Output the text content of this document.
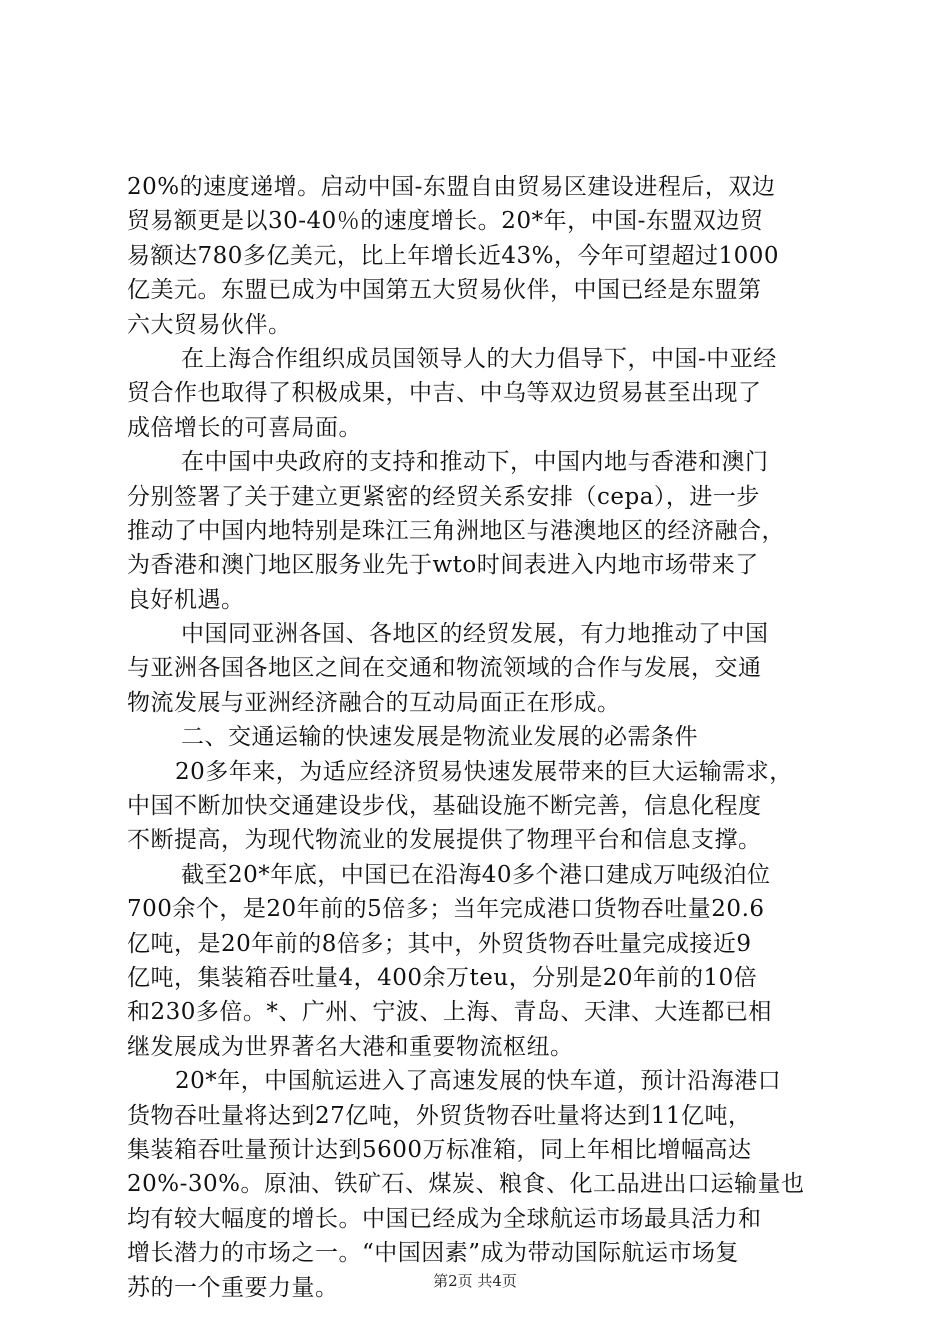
20%的速度递增。启动中国-东盟自由贸易区建设进程后，双边
贸易额更是以30-40％的速度增长。20*年，中国-东盟双边贸
易额达780多亿美元，比上年增长近43%，今年可望超过1000
亿美元。东盟已成为中国第五大贸易伙伴，中国已经是东盟第
六大贸易伙伴。
在上海合作组织成员国领导人的大力倡导下，中国-中亚经
贸合作也取得了积极成果，中吉、中乌等双边贸易甚至出现了
成倍增长的可喜局面。
在中国中央政府的支持和推动下，中国内地与香港和澳门
分别签署了关于建立更紧密的经贸关系安排（cepa），进一步
推动了中国内地特别是珠江三角洲地区与港澳地区的经济融合，
为香港和澳门地区服务业先于wto时间表进入内地市场带来了
良好机遇。
中国同亚洲各国、各地区的经贸发展，有力地推动了中国
与亚洲各国各地区之间在交通和物流领域的合作与发展，交通
物流发展与亚洲经济融合的互动局面正在形成。
二、交通运输的快速发展是物流业发展的必需条件
20多年来，为适应经济贸易快速发展带来的巨大运输需求，
中国不断加快交通建设步伐，基础设施不断完善，信息化程度
不断提高，为现代物流业的发展提供了物理平台和信息支撑。
截至20*年底，中国已在沿海40多个港口建成万吨级泊位
700余个，是20年前的5倍多；当年完成港口货物吞吐量20.6
亿吨，是20年前的8倍多；其中，外贸货物吞吐量完成接近9
亿吨，集装箱吞吐量4，400余万teu，分别是20年前的10倍
和230多倍。*、广州、宁波、上海、青岛、天津、大连都已相
继发展成为世界著名大港和重要物流枢纽。
20*年，中国航运进入了高速发展的快车道，预计沿海港口
货物吞吐量将达到27亿吨，外贸货物吞吐量将达到11亿吨，
集装箱吞吐量预计达到5600万标准箱，同上年相比增幅高达
20%-30%。原油、铁矿石、煤炭、粮食、化工品进出口运输量也
均有较大幅度的增长。中国已经成为全球航运市场最具活力和
增长潜力的市场之一。“中国因素”成为带动国际航运市场复
苏的一个重要力量。	第2页 共4页
